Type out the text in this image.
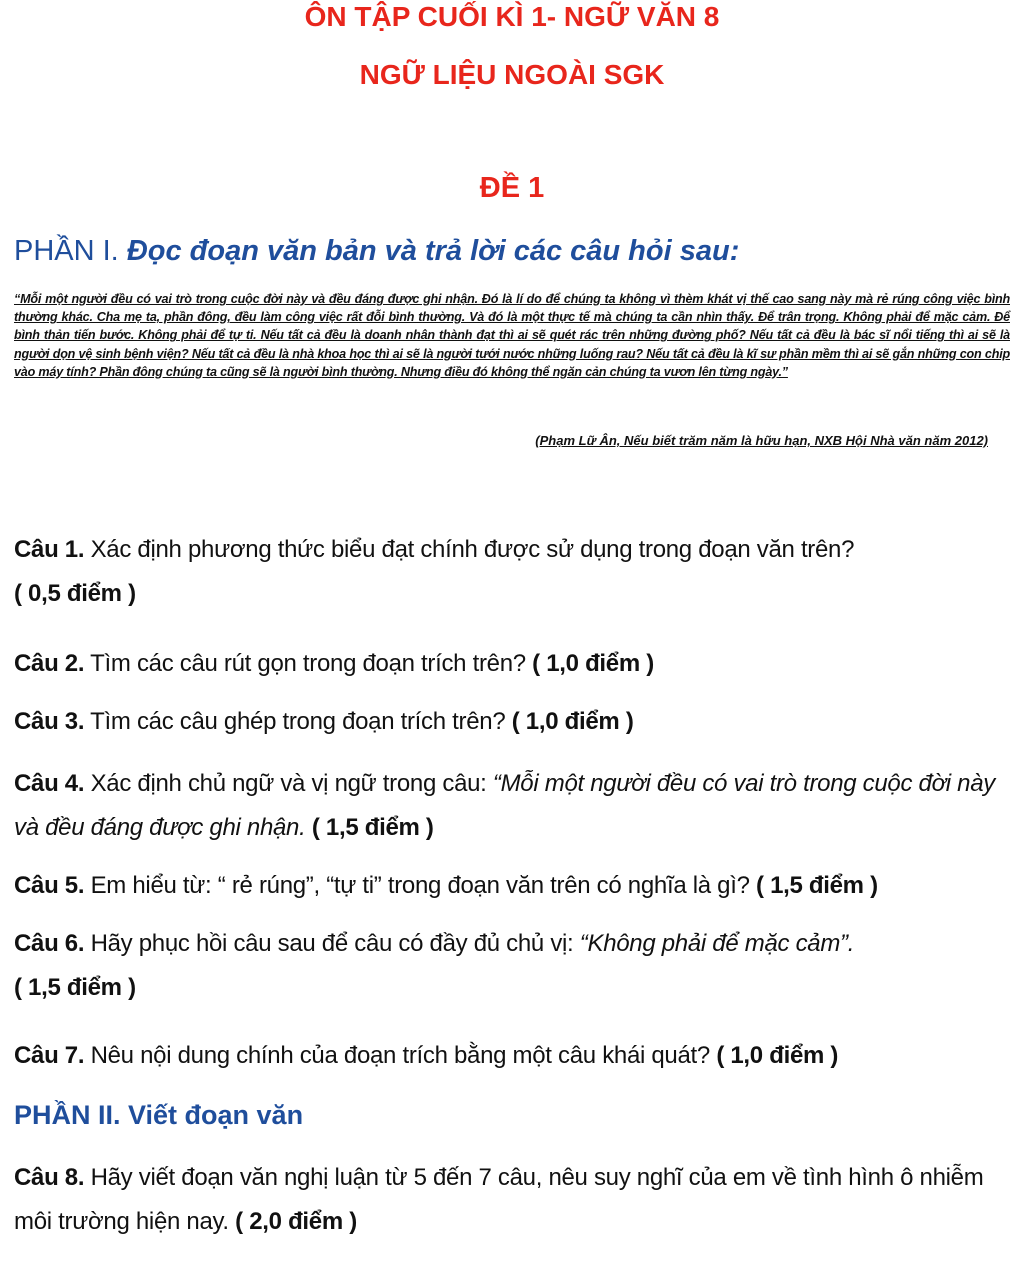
ÔN TẬP CUỐI KÌ 1- NGỮ VĂN 8
NGỮ LIỆU NGOÀI SGK
ĐỀ 1
PHẦN I. Đọc đoạn văn bản và trả lời các câu hỏi sau:
“Mỗi một người đều có vai trò trong cuộc đời này và đều đáng được ghi nhận. Đó là lí do để chúng ta không vì thèm khát vị thế cao sang này mà rẻ rúng công việc bình thường khác. Cha mẹ ta, phần đông, đều làm công việc rất đỗi bình thường. Và đó là một thực tế mà chúng ta cần nhìn thấy. Để trân trọng. Không phải để mặc cảm. Để bình thản tiến bước. Không phải để tự ti. Nếu tất cả đều là doanh nhân thành đạt thì ai sẽ quét rác trên những đường phố? Nếu tất cả đều là bác sĩ nổi tiếng thì ai sẽ là người dọn vệ sinh bệnh viện? Nếu tất cả đều là nhà khoa học thì ai sẽ là người tưới nước những luống rau? Nếu tất cả đều là kĩ sư phần mềm thì ai sẽ gắn những con chip vào máy tính? Phần đông chúng ta cũng sẽ là người bình thường. Nhưng điều đó không thể ngăn cản chúng ta vươn lên từng ngày.”
(Phạm Lữ Ân, Nếu biết trăm năm là hữu hạn, NXB Hội Nhà văn năm 2012)
Câu 1. Xác định phương thức biểu đạt chính được sử dụng trong đoạn văn trên?
( 0,5 điểm )
Câu 2. Tìm các câu rút gọn trong đoạn trích trên? ( 1,0 điểm )
Câu 3. Tìm các câu ghép trong đoạn trích trên? ( 1,0 điểm )
Câu 4. Xác định chủ ngữ và vị ngữ trong câu: “Mỗi một người đều có vai trò trong cuộc đời này và đều đáng được ghi nhận. ( 1,5 điểm )
Câu 5. Em hiểu từ: “ rẻ rúng”, “tự ti” trong đoạn văn trên có nghĩa là gì? ( 1,5 điểm )
Câu 6. Hãy phục hồi câu sau để câu có đầy đủ chủ vị: “Không phải để mặc cảm”.
( 1,5 điểm )
Câu 7. Nêu nội dung chính của đoạn trích bằng một câu khái quát? ( 1,0 điểm )
PHẦN II. Viết đoạn văn
Câu 8. Hãy viết đoạn văn nghị luận từ 5 đến 7 câu, nêu suy nghĩ của em về tình hình ô nhiễm môi trường hiện nay. ( 2,0 điểm )
